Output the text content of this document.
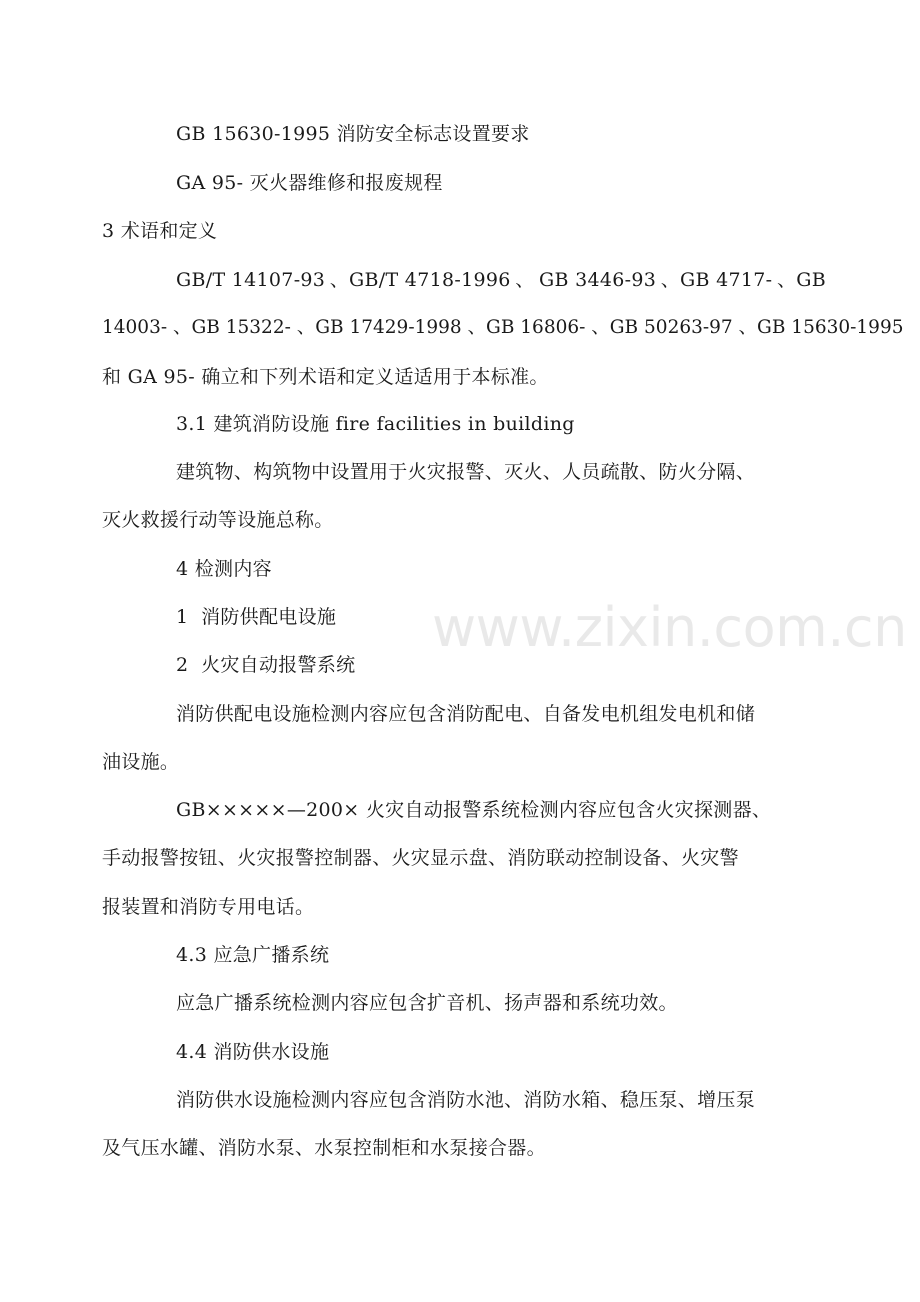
GB 15630-1995 消防安全标志设置要求
GA 95- 灭火器维修和报废规程
3 术语和定义
GB/T 14107-93 、GB/T 4718-1996 、 GB 3446-93 、GB 4717- 、GB
14003- 、GB 15322- 、GB 17429-1998 、GB 16806- 、GB 50263-97 、GB 15630-1995
和 GA 95- 确立和下列术语和定义适适用于本标准。
3.1 建筑消防设施 fire facilities in building
建筑物、构筑物中设置用于火灾报警、灭火、人员疏散、防火分隔、
灭火救援行动等设施总称。
4 检测内容
1  消防供配电设施
2  火灾自动报警系统
消防供配电设施检测内容应包含消防配电、自备发电机组发电机和储
油设施。
GB×××××—200× 火灾自动报警系统检测内容应包含火灾探测器、
手动报警按钮、火灾报警控制器、火灾显示盘、消防联动控制设备、火灾警
报装置和消防专用电话。
4.3 应急广播系统
应急广播系统检测内容应包含扩音机、扬声器和系统功效。
4.4 消防供水设施
消防供水设施检测内容应包含消防水池、消防水箱、稳压泵、增压泵
及气压水罐、消防水泵、水泵控制柜和水泵接合器。
www.zixin.com.cn
